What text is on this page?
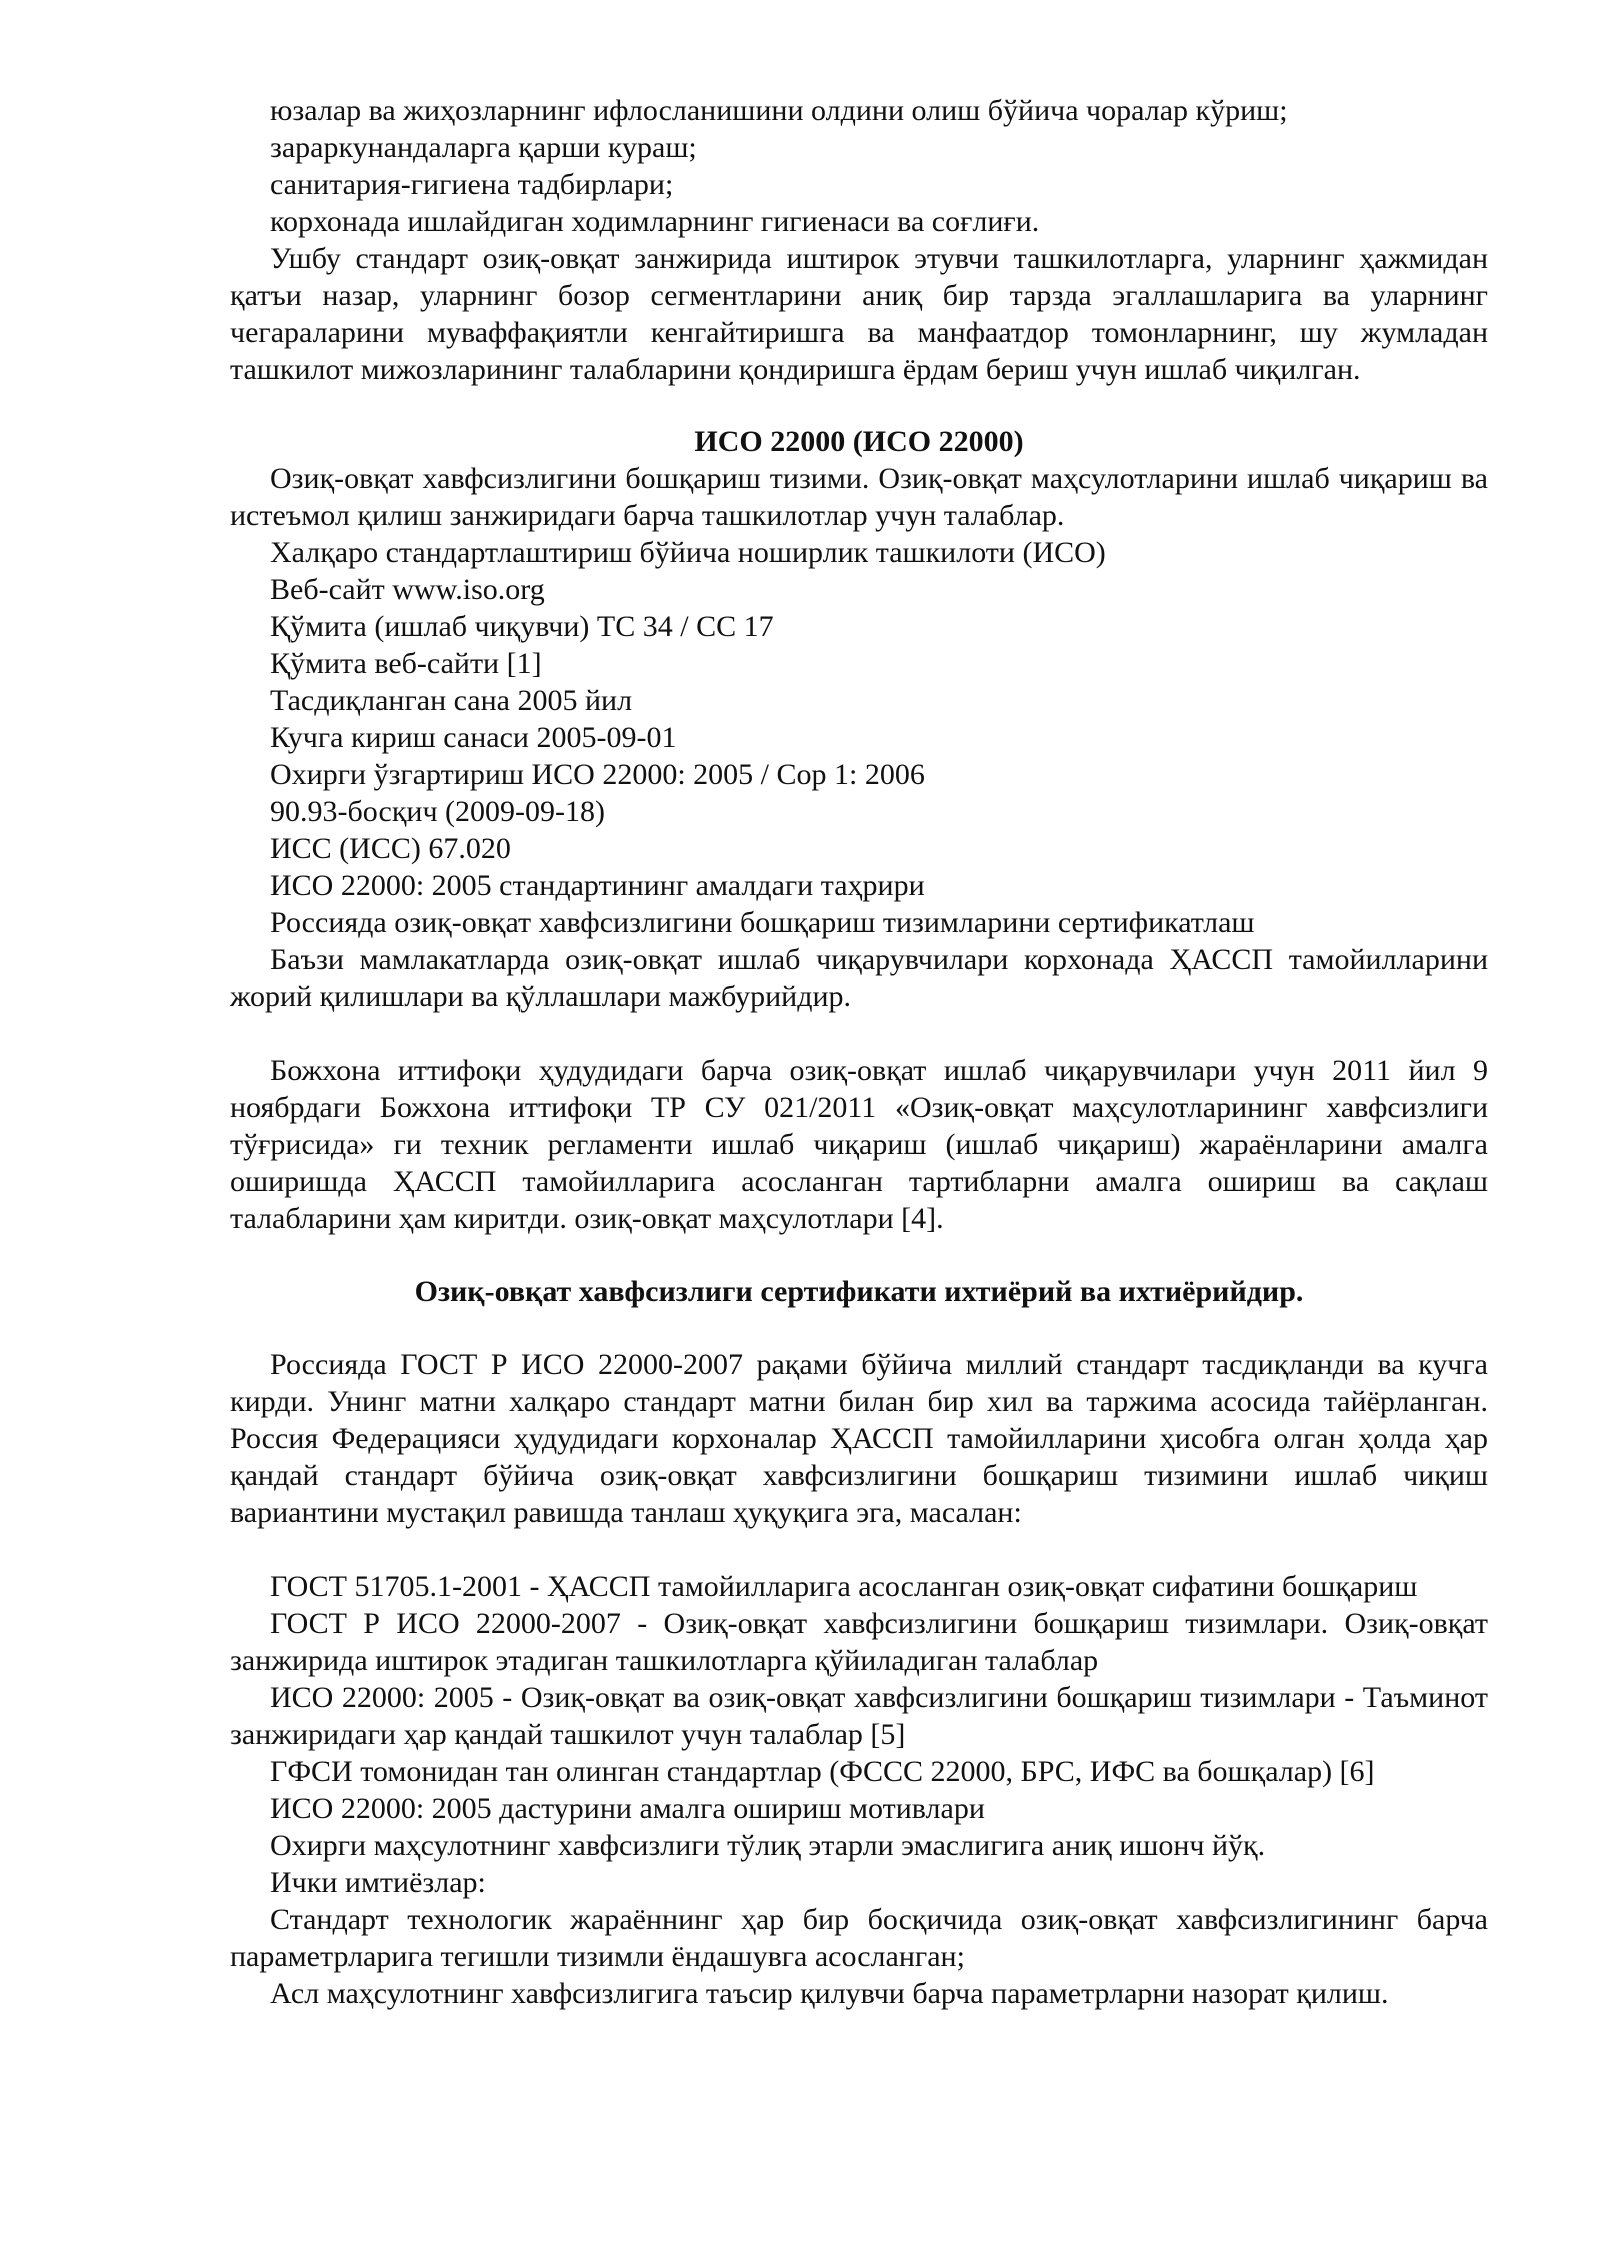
юзалар ва жиҳозларнинг ифлосланишини олдини олиш бўйича чоралар кўриш;

зараркунандаларга қарши кураш;

санитария-гигиена тадбирлари;

корхонада ишлайдиган ходимларнинг гигиенаси ва соғлиғи.

Ушбу стандарт озиқ-овқат занжирида иштирок этувчи ташкилотларга, уларнинг ҳажмидан қатъи назар, уларнинг бозор сегментларини аниқ бир тарзда эгаллашларига ва уларнинг чегараларини муваффақиятли кенгайтиришга ва манфаатдор томонларнинг, шу жумладан ташкилот мижозларининг талабларини қондиришга ёрдам бериш учун ишлаб чиқилган.

ИСО 22000 (ИСО 22000)

Озиқ-овқат хавфсизлигини бошқариш тизими. Озиқ-овқат маҳсулотларини ишлаб чиқариш ва истеъмол қилиш занжиридаги барча ташкилотлар учун талаблар.

Халқаро стандартлаштириш бўйича ноширлик ташкилоти (ИСО)

Веб-сайт www.iso.org

Қўмита (ишлаб чиқувчи) ТС 34 / СС 17

Қўмита веб-сайти [1]

Тасдиқланган сана 2005 йил

Кучга кириш санаси 2005-09-01

Охирги ўзгартириш ИСО 22000: 2005 / Cор 1: 2006

90.93-босқич (2009-09-18)

ИСС (ИСС) 67.020

ИСО 22000: 2005 стандартининг амалдаги таҳрири

Россияда озиқ-овқат хавфсизлигини бошқариш тизимларини сертификатлаш

Баъзи мамлакатларда озиқ-овқат ишлаб чиқарувчилари корхонада ҲАССП тамойилларини жорий қилишлари ва қўллашлари мажбурийдир.

Божхона иттифоқи ҳудудидаги барча озиқ-овқат ишлаб чиқарувчилари учун 2011 йил 9 ноябрдаги Божхона иттифоқи ТР СУ 021/2011 «Озиқ-овқат маҳсулотларининг хавфсизлиги тўғрисида» ги техник регламенти ишлаб чиқариш (ишлаб чиқариш) жараёнларини амалга оширишда ҲАССП тамойилларига асосланган тартибларни амалга ошириш ва сақлаш талабларини ҳам киритди. озиқ-овқат маҳсулотлари [4].

Озиқ-овқат хавфсизлиги сертификати ихтиёрий ва ихтиёрийдир.

Россияда ГОСТ Р ИСО 22000-2007 рақами бўйича миллий стандарт тасдиқланди ва кучга кирди. Унинг матни халқаро стандарт матни билан бир хил ва таржима асосида тайёрланган. Россия Федерацияси ҳудудидаги корхоналар ҲАССП тамойилларини ҳисобга олган ҳолда ҳар қандай стандарт бўйича озиқ-овқат хавфсизлигини бошқариш тизимини ишлаб чиқиш вариантини мустақил равишда танлаш ҳуқуқига эга, масалан:

ГОСТ 51705.1-2001 - ҲАССП тамойилларига асосланган озиқ-овқат сифатини бошқариш

ГОСТ Р ИСО 22000-2007 - Озиқ-овқат хавфсизлигини бошқариш тизимлари. Озиқ-овқат занжирида иштирок этадиган ташкилотларга қўйиладиган талаблар

ИСО 22000: 2005 - Озиқ-овқат ва озиқ-овқат хавфсизлигини бошқариш тизимлари - Таъминот занжиридаги ҳар қандай ташкилот учун талаблар [5]

ГФСИ томонидан тан олинган стандартлар (ФССС 22000, БРС, ИФС ва бошқалар) [6]

ИСО 22000: 2005 дастурини амалга ошириш мотивлари

Охирги маҳсулотнинг хавфсизлиги тўлиқ этарли эмаслигига аниқ ишонч йўқ.

Ички имтиёзлар:

Стандарт технологик жараённинг ҳар бир босқичида озиқ-овқат хавфсизлигининг барча параметрларига тегишли тизимли ёндашувга асосланган;

Асл маҳсулотнинг хавфсизлигига таъсир қилувчи барча параметрларни назорат қилиш.
